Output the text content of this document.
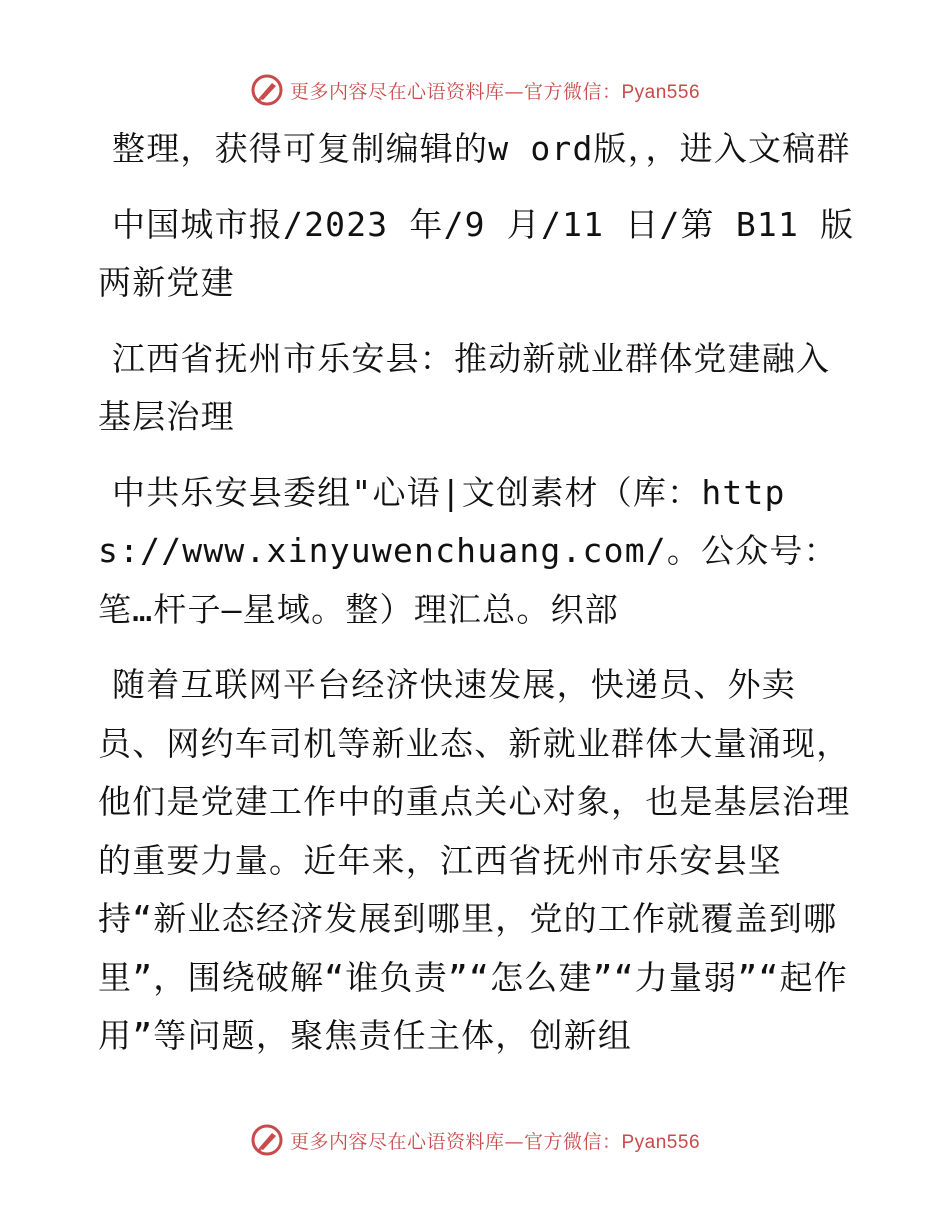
更多内容尽在心语资料库—官方微信：Pyan556

整理，获得可复制编辑的w ord版，，进入文稿群

中国城市报/2023 年/9 月/11 日/第 B11 版两新党建

江西省抚州市乐安县：推动新就业群体党建融入基层治理

中共乐安县委组"心语|文创素材（库：https://www.xinyuwenchuang.com/。公众号：笔…杆子—星域。整）理汇总。织部

随着互联网平台经济快速发展，快递员、外卖员、网约车司机等新业态、新就业群体大量涌现，他们是党建工作中的重点关心对象，也是基层治理的重要力量。近年来，江西省抚州市乐安县坚持“新业态经济发展到哪里，党的工作就覆盖到哪里”，围绕破解“谁负责”“怎么建”“力量弱”“起作用”等问题，聚焦责任主体，创新组

更多内容尽在心语资料库—官方微信：Pyan556
